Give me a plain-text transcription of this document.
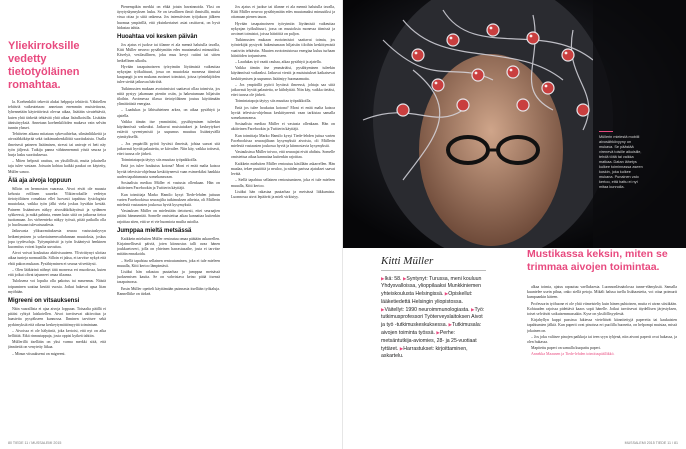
Yliekirroksille vedetty tietotyöläinen romahtaa.

la. Koehenkilöt tekevät aluksi helppoja tehtäviä. Vähitellen tehtäviä vaikeutetaan: annetaan enemmän muistettavaa, lyhennetään käytettävissä olevaa aikaa, lisätään sivutehtäviä, kuten yhtä tärkeää tehtävää yhtä aikaa lisäulkoisilla. Lisätään äänisäryyksiä. Annetaan koehenkilöiden mukava vain selvän tunnin yhaset.

Tehtävien aikana mitataan sykevaihtelua, silmänliikkeitä ja aivosähkökäyrää sekä tutkimushenkilöitä suorituksista. Osalla ilmeisesti paineen lisäämisen, stressi tai univaje ei heti näy työn jäljessä. Tutkija panna vähänenemmä yöstä seuraa ja hurja lasku suorituksessa.

– Miten helposti rauttuu, on yksilöllistä, mutta jokaisella taju tulee vastaan. Joissain kohtaa kaikki paukut on käytetty, Müller sanoo.

Älä aja aivoja loppuun

Silloin on hermoston vaarassa. Aivot eivät ole muusta kehosta erillinen saareke. Ylikierroksille vedetyn tietotyöläisen romahtaa ellei luovasti tapahtuu fysiologisia muutoksia, vaikka työn jälki viela joskus hyväkin kestää. Paineen lisäämisen näkyy aivosähkökäyrässä ja sydämen sykkeessä, ja mikä pahinta, ennen kuin siitä on jatkuvaa tietoa tuottamaan. Jos virheenteko näkyy työssä, pitää paikalla olla jo huolissaan tulevaisuudesta.

Jatkuvasta ylikuormituksesta seuraa vastustuskyvyn heikentyminen ja sokeriaineenvaihdunnan muutoksia, joskus jopa tyydesoluja. Työympäristö ja työn lisääntyvä henkinen kuormitus voivat lopulta uuvuttaa.

Aivot voivat koukuttaa aktiivisuuteen. Ylivirittynyt ulottaa aikaa tunteja normaalilla. Silloin ei jaksa, ei tarvitse nykyä että ehtii pakon mukaan. Pysähtyminen ei seuraa viivettäysti.

– Olen lääkärinä nähnyt tätä monessa eri muodossa, kuten että jotkut olivat tajunneet omaa tilaansa.

Tuloksena voi lopulta olla pakotus tai masennus. Näistä toipuminen saattaa kestää vuosia. Jotkut hakevat apua liian myöhään.

Migreeni on vitsauksensi

Näin vaarallista ei ajaa aivoja loppuun. Toisaalta päällä ei pitäisi ryhtyä laiskotellen. Aivot tarvitsevat aktivoitua ja haastetta pysyäkseen kunnossa. Ihminen tarvitsee sekä pyrkimyksiä että oikeaa keskeytymättömyyttä toimintaan.

– Aivoissa ei ole hälytintä, joka kertoisi, että nyt on aika hellittää. Eikä rinnastappuja, josta oppisi kytkeä tahtiin.

Müllerillä itsellään on yksi varma merkki siitä, että jännitettä on venytetty liikaa.

– Minun vitsauksemi on migreeni.

Pienempikin merkki on ehkä jotain havainnoida. Yksi on äyrytyskynnyksen lasku. Se on tavallinen ilmiö ihmisillä, mutta vissa ottaa jo siitä onkensa. Jos intensiivisen työjakson jälkeen huomaa ympärillä, että yksinkertaiset asiat rasittavat, on hyvä hidastaa tahtia.

Huoahtaa voi kesken päivän

Jos ajatus ei juokse tai tilanne ei ala mennä halutulla tavalla, Kitti Müller neuvoo pysähtymään edes muutamaksi minuutiksi. Kävelyä, vesilasillinen, joku muu kevyt rutiini tai sitten hetkellinen ulkoilu.

Hyvään tasapainoiseen työrytmiin löytämistä vaikeuttaa nykyajan työkulttuuri, jossa on muutoksia monessa tiimissä kaupungit ja sen mukana avoimet toimistot, joissa työntekijöiden tulee sietää jatkuvaa häiriötä.

Tutkimusten mukaan avotoimistot saattavat ollaa toimivia, jos niitä pystyy jakamaan pieniin osiin, ja hakeutumaan hiljaisiin tiloihin. Avoimessa tilassa tietotyöläinen joutuu käyttämään ylimääräistä energiaa.

– Laadukas ja lähisuhteinen arkea, on aikaa pysähtyä ja ajatella.

Vaikka tämän itse ymmärtäisi, pysähtyminen tuleekin käytännössä vaikeaksi. Jatkuvat muistutukset ja keskeytykset estävät syventymistä ja uupumus muuttuu lisääntyvällä rytmityksellä.

– Jos ympärillä pyörii hyvästi ilmeistä, johtaa saavat sitä jatkuvasti hyvää palautetta, se kiivailee. Niin käy, vaikka totisesti, ettei tuossa ole järkeä.

Toimintatapoja täytyy siis muuttaa työpaikkoilla.

Entä jos tulee houkutus kotona? Moni ei enää malta katsoa hyvää televisio-ohjelmaa keskittyneesti vaan esimerkiksi hankkia uuden tapahtumasta somekanavaan.

Sosiaalista mediaa Müller ei vastusta ollenkaan. Hän on aktiivinen Facebookin ja Twitterin käyttäjä.

Kun toimittaja Marko Hamilo kysyi Tiede-lehden juttuun varten Facebookissa seuraajilta tutkimuksen aiheista, oli Müllerin mielestä vastausten joukossa hyviä kysymyksiä.

Vastauksen Müller on mielestään tietoisesti, ettei seuraajien pitäisi hämmentää. Somelle omistettua aikaa kannattaa kuitenkin rajoittaa siten, että se ei vie huomiota muilta asioilta.

Jumppaa mieltä metsässä

Kaikkein mieluiten Müller rentoutuu omaa päätään askarrellen. Kirjaimellisesti päiviä, joten kiinnostus talli avaa hänen joukkuetoveri, jolla on yhteinen harrastusaihe, josta ei tarvitse mitään ennakoida.

– Siellä tapahtuu sellainen rentoutuminen, joka ei tule mieleen muualla, Kitti kertoo lämpimästi.

Lisäksi hän rakastaa puutarhaa ja jumppaa metsässä juoksemisen kautta. Se on vahvistava keino pitää itsensä tasapainossa.

Ensin Müller opetteli käyttämään puinnasta itsellään työkaluja. Rannelliike on tärkeä.

Jos ajatus ei juokse tai tilanne ei ala mennä halutulla tavalla, Kitti Müller neuvoo pysähtymään edes muutamaksi minuutiksi ja ottamaan pienen tauon.

Hyvään tasapainoiseen työrytmiin löytämistä vaikeuttaa nykyajan työkulttuuri, jossa on muutoksia monessa tiimissä ja avoimet toimistot, joissa häiriöitä on paljon.

Tutkimusten mukaan avotoimistot saattavat toimia, jos työntekijät pystyvät hakeutumaan hiljaisiin tiloihin keskittymistä vaativiin tehtäviin. Muuten avotoimistossa energiaa kuluu turhaan häiriöiden torjumiseen.

– Laadukas työ vaatii rauhaa, aikaa pysähtyä ja ajatella.

Vaikka tämän itse ymmärtäisi, pysähtyminen tuleekin käytännössä vaikeaksi. Jatkuvat viestit ja muistutukset katkaisevat keskittymisen ja uupumus lisääntyy huomaamatta.

– Jos ympärillä pyörii hyvässä ilmeessä, johtaja saa siitä jatkuvasti hyvää palautetta, se kiihdyttää. Niin käy, vaikka tietäisi, ettei tuossa ole järkeä.

Toimintatapoja täytyy siis muuttaa työpaikkoilla.

Entä jos tulee houkutus kotona? Moni ei enää malta katsoa hyvää televisio-ohjelmaa keskittyneesti vaan tarkistaa samalla somekanavansa.

Sosiaalista mediaa Müller ei vastusta ollenkaan. Hän on aktiivinen Facebookin ja Twitterin käyttäjä.

Kun toimittaja Marko Hamilo kysyi Tiede-lehden juttua varten Facebookissa seuraajiltaan kysymyksiä aivoista, oli Müllerin mielestä vastausten joukossa hyviä ja kiinnostavia kysymyksiä.

Vastauksissa Müller toivoo, että seuraajat eivät ahdistu. Somelle omistettua aikaa kannattaa kuitenkin rajoittaa.

Kaikkein mieluiten Müller rentoutuu käsillään askarrellen. Hän maalaa, tekee puutöitä ja neuloo, ja niiden parissa ajatukset saavat levätä.

– Siellä tapahtuu sellainen rentoutuminen, joka ei tule mieleen muualla, Kitti kertoo.

Lisäksi hän rakastaa puutarhaa ja metsässä liikkumista. Luonnossa aivot lepäävät ja mieli virkistyy.

80 TIEDE 11 / MUSSALEMI 2015
Müllerin mielestä mobiili aivosähkövyyny on mukava. Se päästää virenevä toisille aikuisille, tehdä töitä tai vaikka matkaa. Datan lähetys kulkee toiminnassa aseen koskin, joka kulkee mukana. Punainen valo kertoo, että hattu ei nyt mitaa kunnolla.

Kitti Müller

▶Ikä: 58. ▶Syntynyt: Turussa, meni kouluun Yhdysvalloissa, ylioppilaaksi Munkkiniemen yhteiskoulusta Helsingissä. ▶Opiskellut: lääketiedettä Helsingin yliopistossa. ▶Väitellyt: 1990 neuroimmunologiasta. ▶Työ: tutkimusprofessori Työterveyslaitoksen Aivot ja työ -tutkimuskeskuksessa. ▶Tutkimusala: aivojen toiminta työssä. ▶Perhe: metsäntutkija-aviomies, 28- ja 25-vuotiaat tyttäret. ▶Harrastukset: kirjoittaminen, askartelu.

Mustikassa keksin, miten se trimmaa aivojen toimintaa.

alkaa toimia, ajatus rapautuu vaelluksesta. Luonnonläsnäolossa tunne-elämyksiä. Samalla kuuntelee usein pihaa, onko siellä petoja. Mikäli halusa tuellu lisähaastetta, voi ottaa poimurit kumpaankin käteen.

Professorin työhuone ei ole yhtä viimeistelty kuin hänen puhtoinen, mutta ei aivan siistikään. Kohtuuden rajoissa pidettävä kaaos sopii hänelle. Jotkut tarvitsevat täydellisen järjestyksen, toiset selviävät sotkuisemmassakin. Kyse on yksilöllisyydestä.

Kirjahyllyn kuppi pussissa lukiessa vieteltävät kiinnitettyjä papereita tai kaukaisten tapahtumien jälkiä. Kun paperit ovat pinoissa eri puolilla huonetta, on helpompi muistaa, missä jokainen on.

– Jos joku valitsee pinojen paikkoja tai teen syyn tyhjenä, niin aivoni paperit ovat hukassa, ja olen hukassa.

Mapitettu paperi on samalla kuopattu paperi.

Annekka Maaanen ja Tiede-lehden toimituspäällikkö.

MUSSALEMI 2015 TIEDE 11 / 81
